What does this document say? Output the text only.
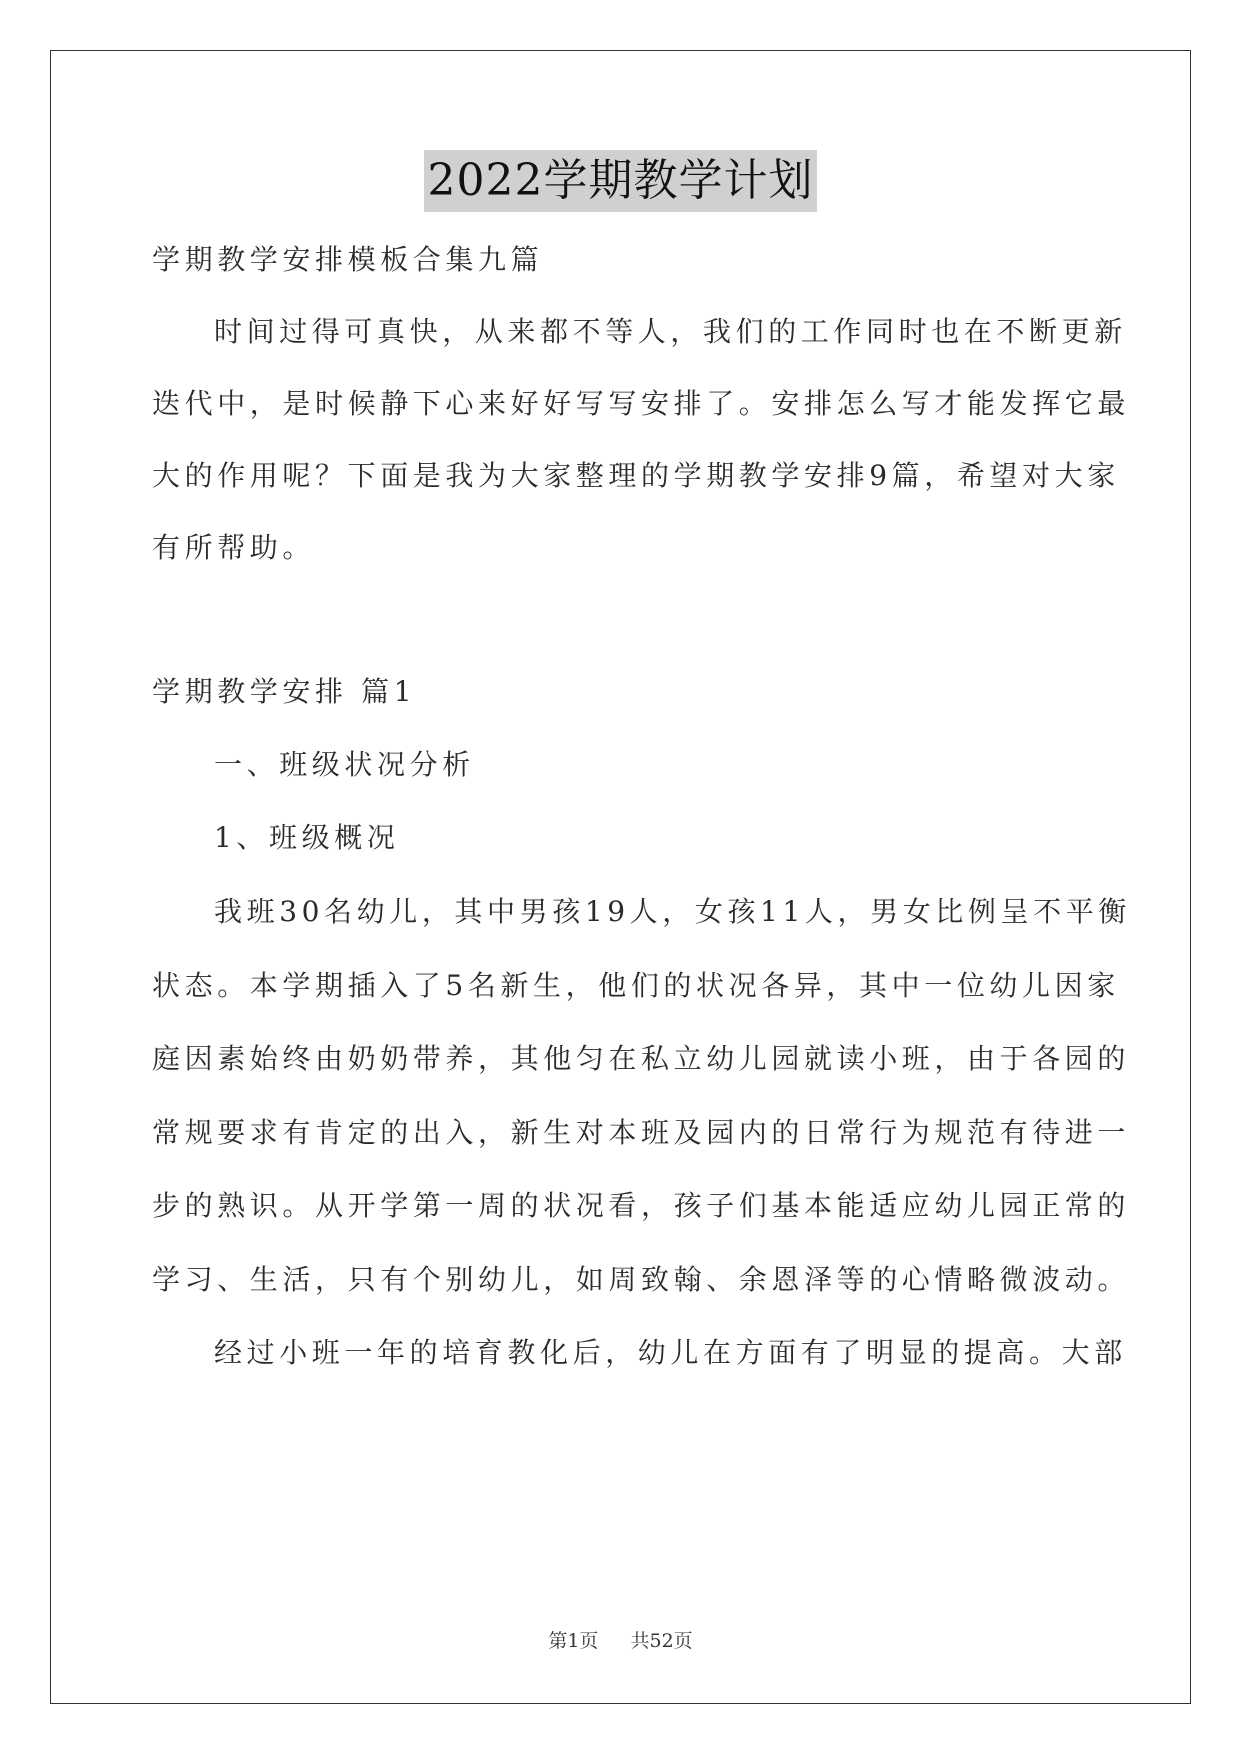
2022学期教学计划
学期教学安排模板合集九篇
时间过得可真快，从来都不等人，我们的工作同时也在不断更新
迭代中，是时候静下心来好好写写安排了。安排怎么写才能发挥它最
大的作用呢？下面是我为大家整理的学期教学安排9篇，希望对大家
有所帮助。
学期教学安排 篇1
一、班级状况分析
1、班级概况
我班30名幼儿，其中男孩19人，女孩11人，男女比例呈不平衡
状态。本学期插入了5名新生，他们的状况各异，其中一位幼儿因家
庭因素始终由奶奶带养，其他匀在私立幼儿园就读小班，由于各园的
常规要求有肯定的出入，新生对本班及园内的日常行为规范有待进一
步的熟识。从开学第一周的状况看，孩子们基本能适应幼儿园正常的
学习、生活，只有个别幼儿，如周致翰、余恩泽等的心情略微波动。
经过小班一年的培育教化后，幼儿在方面有了明显的提高。大部
第1页 共52页
